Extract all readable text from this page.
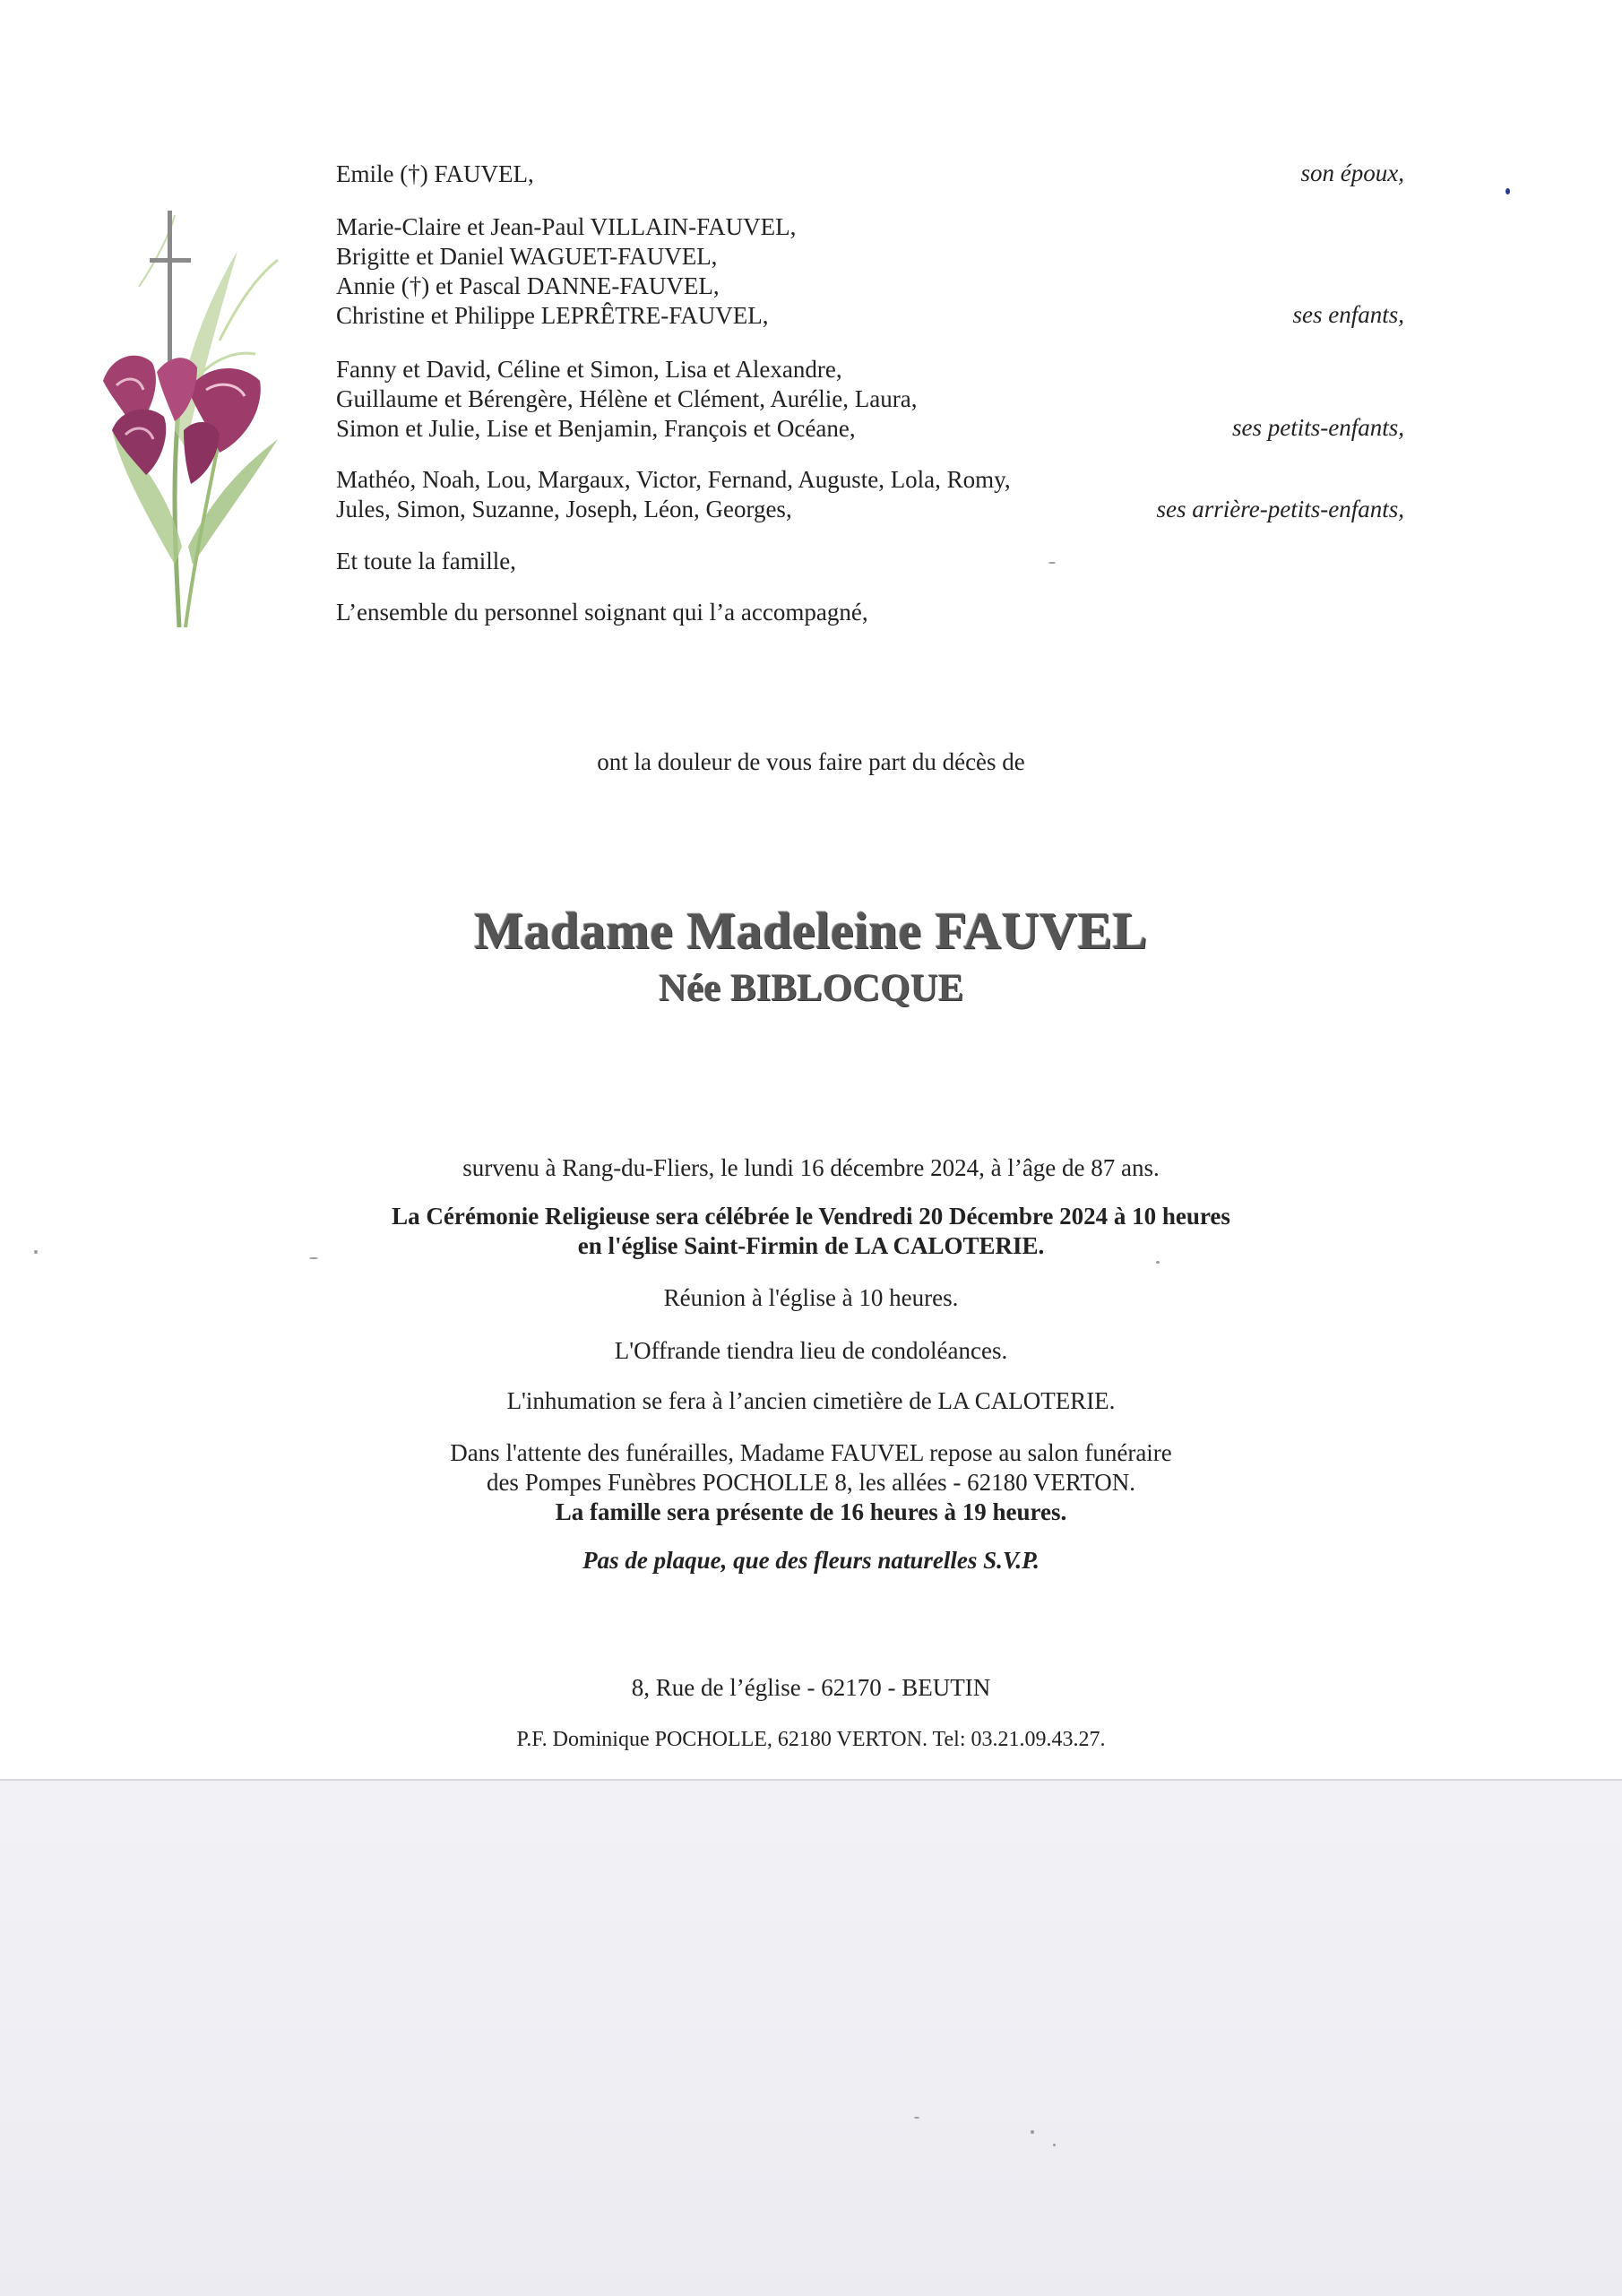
Emile (†) FAUVEL,	son époux,
Marie-Claire et Jean-Paul VILLAIN-FAUVEL,
Brigitte et Daniel WAGUET-FAUVEL,
Annie (†) et Pascal DANNE-FAUVEL,
Christine et Philippe LEPRÊTRE-FAUVEL,	ses enfants,
Fanny et David, Céline et Simon, Lisa et Alexandre,
Guillaume et Bérengère, Hélène et Clément, Aurélie, Laura,
Simon et Julie, Lise et Benjamin, François et Océane,	ses petits-enfants,
Mathéo, Noah, Lou, Margaux, Victor, Fernand, Auguste, Lola, Romy,
Jules, Simon, Suzanne, Joseph, Léon, Georges,	ses arrière-petits-enfants,
Et toute la famille,
L’ensemble du personnel soignant qui l’a accompagné,
ont la douleur de vous faire part du décès de
Madame Madeleine FAUVEL
Née BIBLOCQUE
survenu à Rang-du-Fliers, le lundi 16 décembre 2024, à l’âge de 87 ans.
La Cérémonie Religieuse sera célébrée le Vendredi 20 Décembre 2024 à 10 heures
en l'église Saint-Firmin de LA CALOTERIE.
Réunion à l'église à 10 heures.
L'Offrande tiendra lieu de condoléances.
L'inhumation se fera à l’ancien cimetière de LA CALOTERIE.
Dans l'attente des funérailles, Madame FAUVEL repose au salon funéraire
des Pompes Funèbres POCHOLLE 8, les allées - 62180 VERTON.
La famille sera présente de 16 heures à 19 heures.
Pas de plaque, que des fleurs naturelles S.V.P.
8, Rue de l’église - 62170 - BEUTIN
P.F. Dominique POCHOLLE, 62180 VERTON. Tel: 03.21.09.43.27.
